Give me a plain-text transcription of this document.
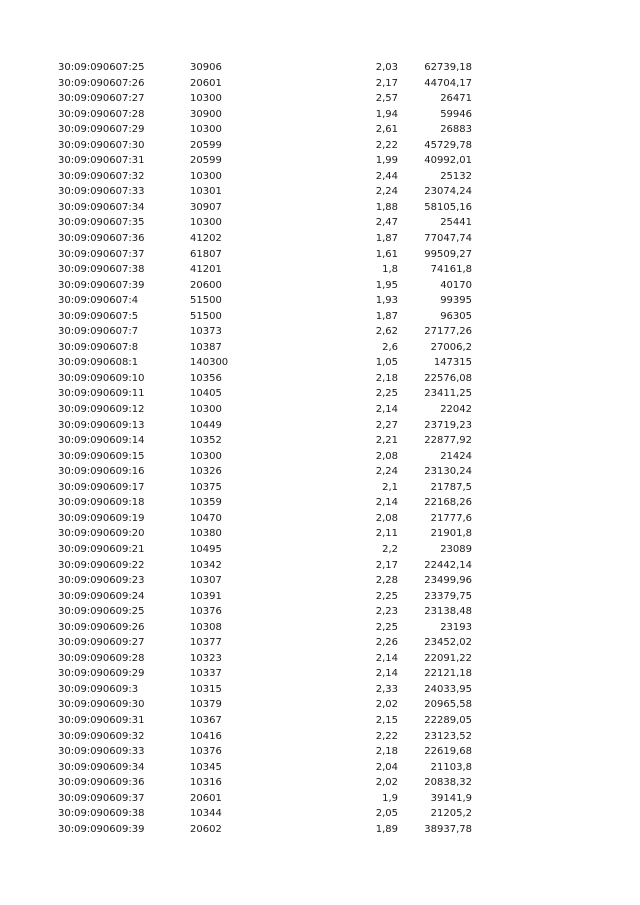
30:09:090607:25	30906	2,03	62739,18
30:09:090607:26	20601	2,17	44704,17
30:09:090607:27	10300	2,57	26471
30:09:090607:28	30900	1,94	59946
30:09:090607:29	10300	2,61	26883
30:09:090607:30	20599	2,22	45729,78
30:09:090607:31	20599	1,99	40992,01
30:09:090607:32	10300	2,44	25132
30:09:090607:33	10301	2,24	23074,24
30:09:090607:34	30907	1,88	58105,16
30:09:090607:35	10300	2,47	25441
30:09:090607:36	41202	1,87	77047,74
30:09:090607:37	61807	1,61	99509,27
30:09:090607:38	41201	1,8	74161,8
30:09:090607:39	20600	1,95	40170
30:09:090607:4	51500	1,93	99395
30:09:090607:5	51500	1,87	96305
30:09:090607:7	10373	2,62	27177,26
30:09:090607:8	10387	2,6	27006,2
30:09:090608:1	140300	1,05	147315
30:09:090609:10	10356	2,18	22576,08
30:09:090609:11	10405	2,25	23411,25
30:09:090609:12	10300	2,14	22042
30:09:090609:13	10449	2,27	23719,23
30:09:090609:14	10352	2,21	22877,92
30:09:090609:15	10300	2,08	21424
30:09:090609:16	10326	2,24	23130,24
30:09:090609:17	10375	2,1	21787,5
30:09:090609:18	10359	2,14	22168,26
30:09:090609:19	10470	2,08	21777,6
30:09:090609:20	10380	2,11	21901,8
30:09:090609:21	10495	2,2	23089
30:09:090609:22	10342	2,17	22442,14
30:09:090609:23	10307	2,28	23499,96
30:09:090609:24	10391	2,25	23379,75
30:09:090609:25	10376	2,23	23138,48
30:09:090609:26	10308	2,25	23193
30:09:090609:27	10377	2,26	23452,02
30:09:090609:28	10323	2,14	22091,22
30:09:090609:29	10337	2,14	22121,18
30:09:090609:3	10315	2,33	24033,95
30:09:090609:30	10379	2,02	20965,58
30:09:090609:31	10367	2,15	22289,05
30:09:090609:32	10416	2,22	23123,52
30:09:090609:33	10376	2,18	22619,68
30:09:090609:34	10345	2,04	21103,8
30:09:090609:36	10316	2,02	20838,32
30:09:090609:37	20601	1,9	39141,9
30:09:090609:38	10344	2,05	21205,2
30:09:090609:39	20602	1,89	38937,78
